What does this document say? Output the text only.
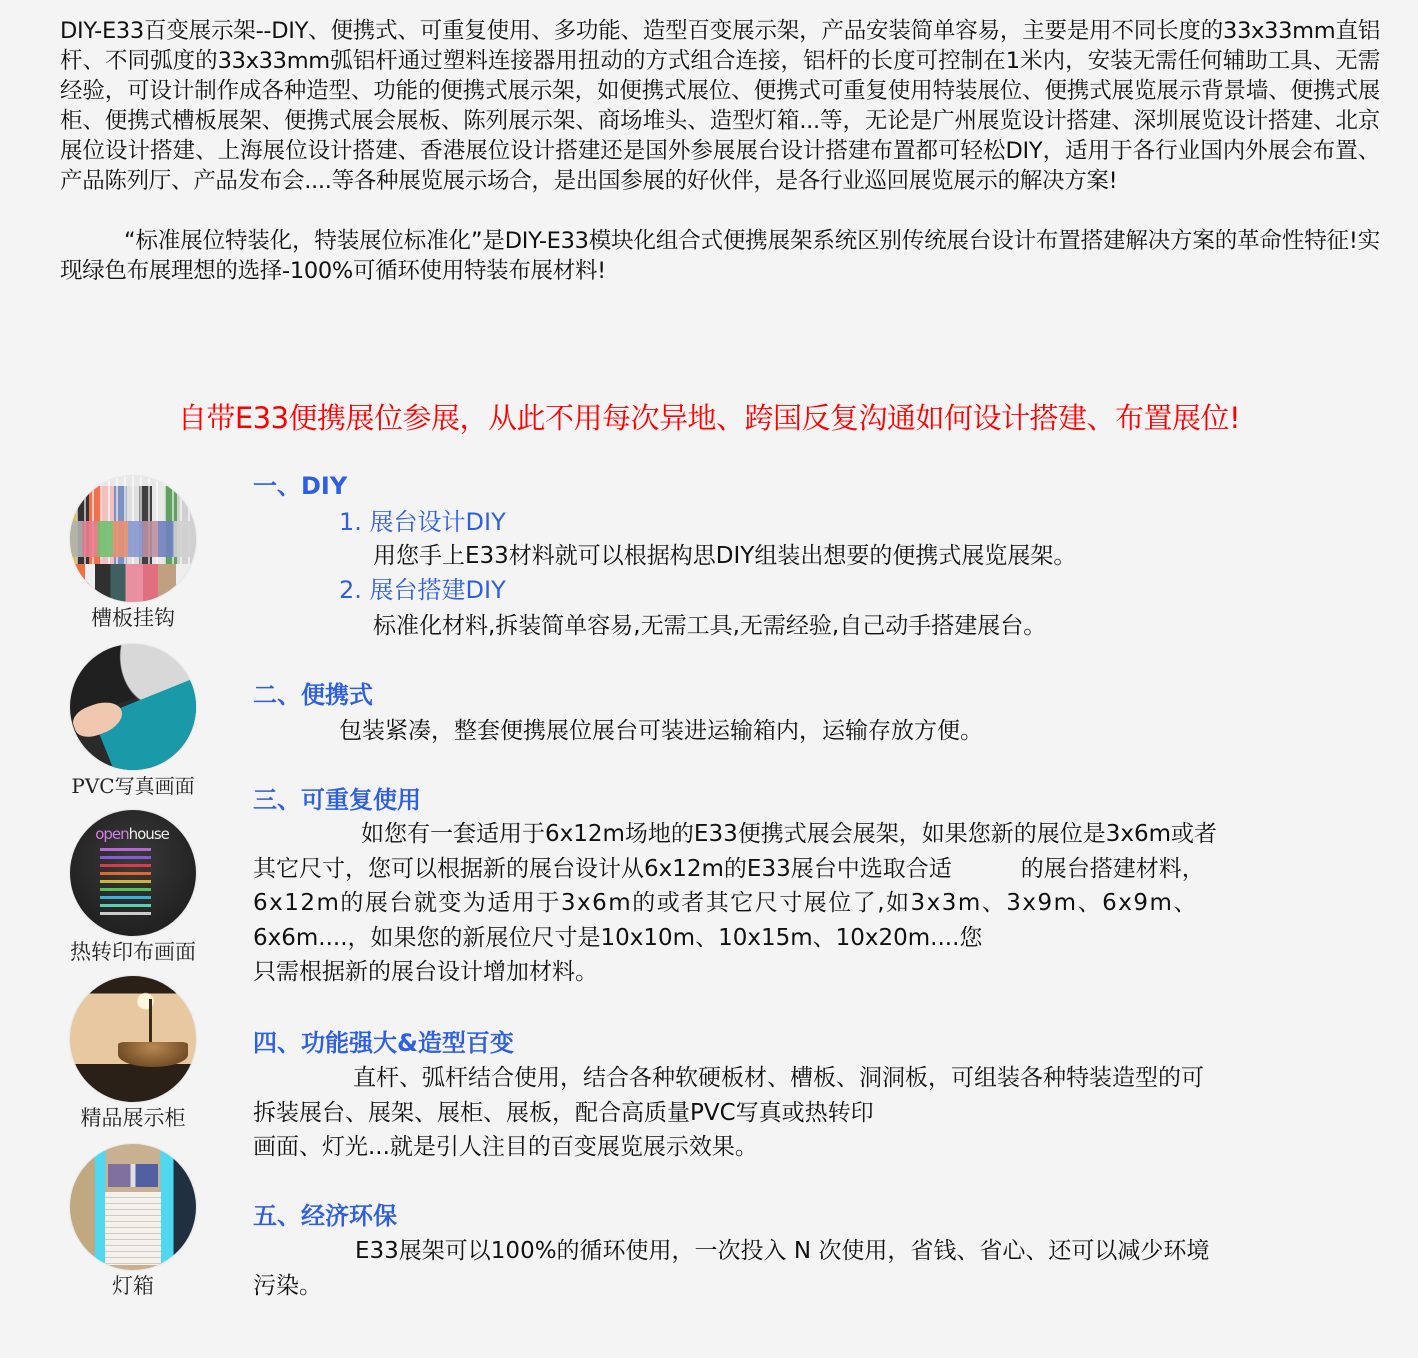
DIY-E33百变展示架--DIY、便携式、可重复使用、多功能、造型百变展示架，产品安装简单容易，主要是用不同长度的33x33mm直铝杆、不同弧度的33x33mm弧铝杆通过塑料连接器用扭动的方式组合连接，铝杆的长度可控制在1米内，安装无需任何辅助工具、无需经验，可设计制作成各种造型、功能的便携式展示架，如便携式展位、便携式可重复使用特装展位、便携式展览展示背景墙、便携式展柜、便携式槽板展架、便携式展会展板、陈列展示架、商场堆头、造型灯箱...等，无论是广州展览设计搭建、深圳展览设计搭建、北京展位设计搭建、上海展位设计搭建、香港展位设计搭建还是国外参展展台设计搭建布置都可轻松DIY，适用于各行业国内外展会布置、产品陈列厅、产品发布会....等各种展览展示场合，是出国参展的好伙伴，是各行业巡回展览展示的解决方案!

“标准展位特装化，特装展位标准化”是DIY-E33模块化组合式便携展架系统区别传统展台设计布置搭建解决方案的革命性特征!实现绿色布展理想的选择-100%可循环使用特装布展材料!

自带E33便携展位参展，从此不用每次异地、跨国反复沟通如何设计搭建、布置展位!
槽板挂钩
PVC写真画面
openhouse
热转印布画面
精品展示柜
灯箱
一、DIY
1. 展台设计DIY
用您手上E33材料就可以根据构思DIY组装出想要的便携式展览展架。
2. 展台搭建DIY
标准化材料,拆装简单容易,无需工具,无需经验,自己动手搭建展台。
二、便携式
包装紧凑，整套便携展位展台可装进运输箱内，运输存放方便。
三、可重复使用
如您有一套适用于6x12m场地的E33便携式展会展架，如果您新的展位是3x6m或者
其它尺寸，您可以根据新的展台设计从6x12m的E33展台中选取合适　　　的展台搭建材料，
6x12m的展台就变为适用于3x6m的或者其它尺寸展位了,如3x3m、3x9m、6x9m、
6x6m....，如果您的新展位尺寸是10x10m、10x15m、10x20m....您
只需根据新的展台设计增加材料。
四、功能强大&造型百变
直杆、弧杆结合使用，结合各种软硬板材、槽板、洞洞板，可组装各种特装造型的可
拆装展台、展架、展柜、展板，配合高质量PVC写真或热转印
画面、灯光...就是引人注目的百变展览展示效果。
五、经济环保
E33展架可以100%的循环使用，一次投入 N 次使用，省钱、省心、还可以减少环境
污染。
